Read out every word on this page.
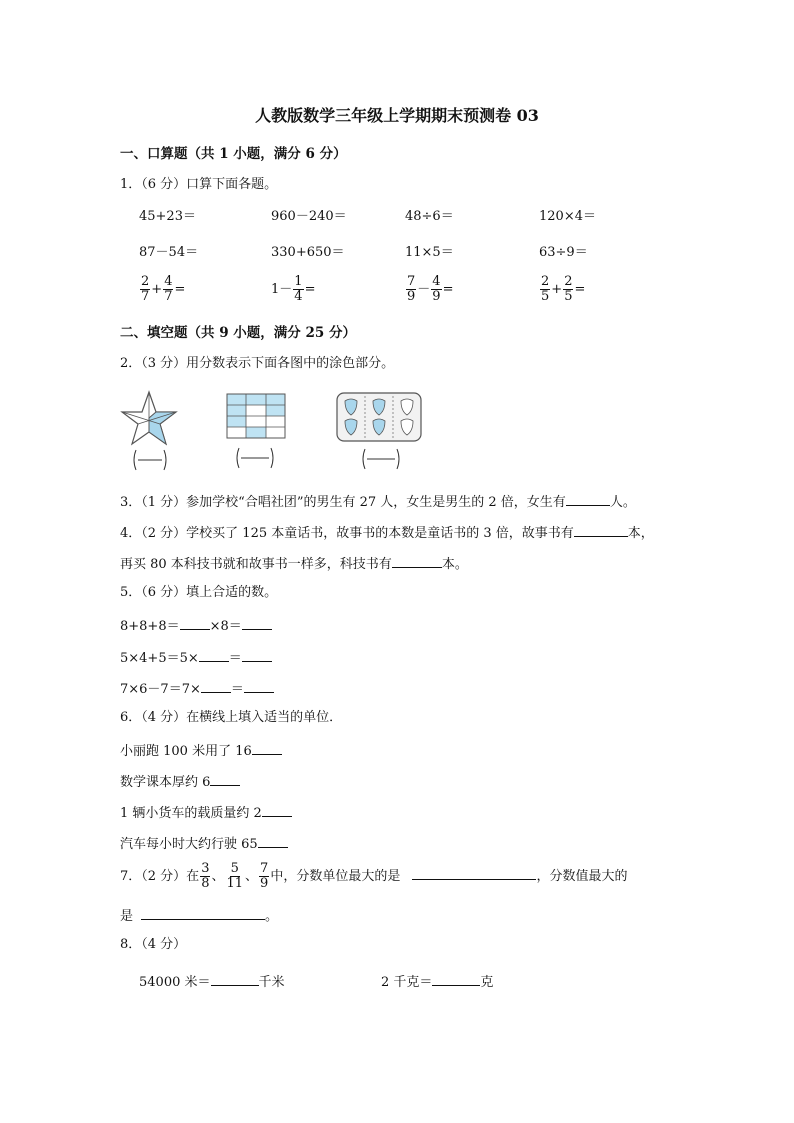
人教版数学三年级上学期期末预测卷 03
一、口算题（共 1 小题，满分 6 分）
1．（6 分）口算下面各题。
45+23＝	960－240＝	48÷6＝	120×4＝
87－54＝	330+650＝	11×5＝	63÷9＝
$\frac{2}{7} + \frac{4}{7}$ =	$1- \frac{1}{4}$ =	$\frac{7}{9} - \frac{4}{9}$ =	$\frac{2}{5} + \frac{2}{5}$ =
二、填空题（共 9 小题，满分 25 分）
2．（3 分）用分数表示下面各图中的涂色部分。
3．（1 分）参加学校“合唱社团”的男生有 27 人，女生是男生的 2 倍，女生有	人。
4．（2 分）学校买了 125 本童话书，故事书的本数是童话书的 3 倍，故事书有	本，
再买 80 本科技书就和故事书一样多，科技书有	本。
5．（6 分）填上合适的数。
8+8+8＝ ×8＝
5×4+5＝5× ＝
7×6－7＝7× ＝
6．（4 分）在横线上填入适当的单位．
小丽跑 100 米用了 16
数学课本厚约 6
1 辆小货车的载质量约 2
汽车每小时大约行驶 65
7．（2 分）在 $\frac{3}{8}$ 、 $\frac{5}{11}$ 、 $\frac{7}{9}$ 中，分数单位最大的是	，分数值最大的
是	。
8．（4 分）
54000 米＝	千米	2 千克＝	克
